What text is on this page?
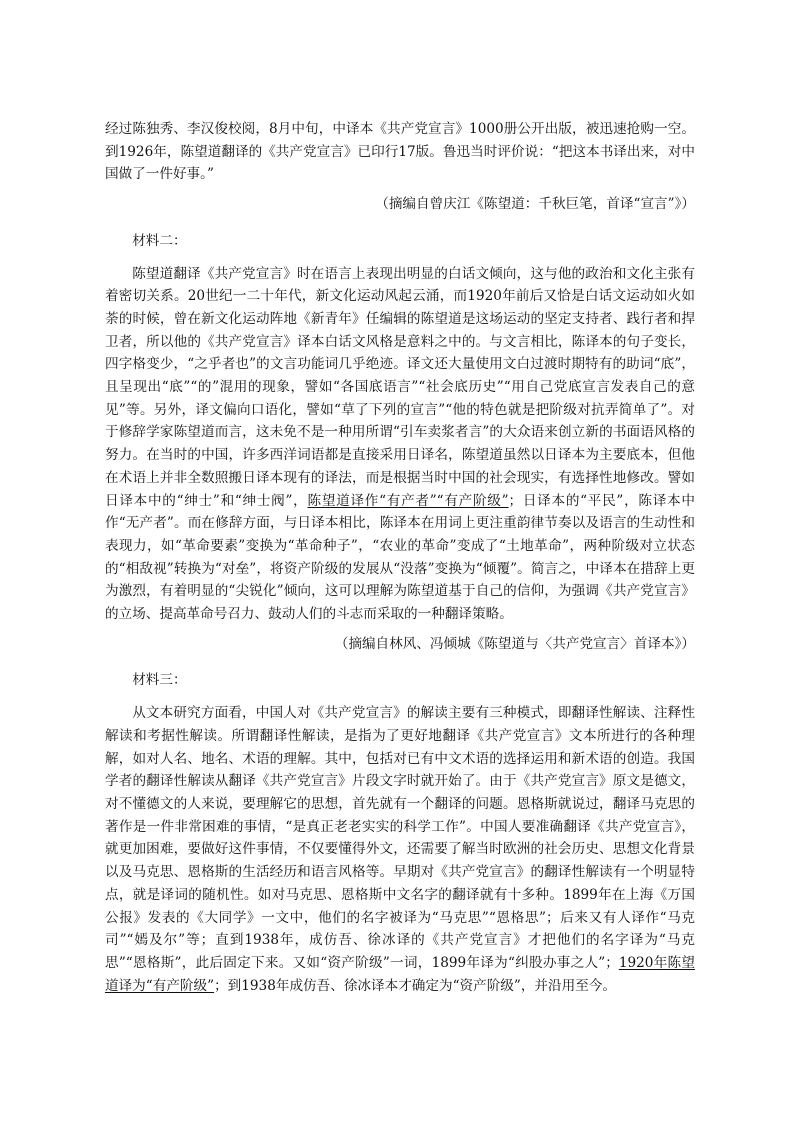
经过陈独秀、李汉俊校阅，8月中旬，中译本《共产党宣言》1000册公开出版，被迅速抢购一空。到1926年，陈望道翻译的《共产党宣言》已印行17版。鲁迅当时评价说：“把这本书译出来，对中国做了一件好事。”

（摘编自曾庆江《陈望道：千秋巨笔，首译“宣言”》）

材料二：

陈望道翻译《共产党宣言》时在语言上表现出明显的白话文倾向，这与他的政治和文化主张有着密切关系。20世纪一二十年代，新文化运动风起云涌，而1920年前后又恰是白话文运动如火如荼的时候，曾在新文化运动阵地《新青年》任编辑的陈望道是这场运动的坚定支持者、践行者和捍卫者，所以他的《共产党宣言》译本白话文风格是意料之中的。与文言相比，陈译本的句子变长，四字格变少，“之乎者也”的文言功能词几乎绝迹。译文还大量使用文白过渡时期特有的助词“底”，且呈现出“底”“的”混用的现象，譬如“各国底语言”“社会底历史”“用自己党底宣言发表自己的意见”等。另外，译文偏向口语化，譬如“草了下列的宣言”“他的特色就是把阶级对抗弄简单了”。对于修辞学家陈望道而言，这未免不是一种用所谓“引车卖浆者言”的大众语来创立新的书面语风格的努力。在当时的中国，许多西洋词语都是直接采用日译名，陈望道虽然以日译本为主要底本，但他在术语上并非全数照搬日译本现有的译法，而是根据当时中国的社会现实，有选择性地修改。譬如日译本中的“绅士”和“绅士阀”，陈望道译作“有产者”“有产阶级”；日译本的“平民”，陈译本中作“无产者”。而在修辞方面，与日译本相比，陈译本在用词上更注重韵律节奏以及语言的生动性和表现力，如“革命要素”变换为“革命种子”，“农业的革命”变成了“土地革命”，两种阶级对立状态的“相敌视”转换为“对垒”，将资产阶级的发展从“没落”变换为“倾覆”。简言之，中译本在措辞上更为激烈，有着明显的“尖锐化”倾向，这可以理解为陈望道基于自己的信仰，为强调《共产党宣言》的立场、提高革命号召力、鼓动人们的斗志而采取的一种翻译策略。

（摘编自林风、冯倾城《陈望道与〈共产党宣言〉首译本》）

材料三：

从文本研究方面看，中国人对《共产党宣言》的解读主要有三种模式，即翻译性解读、注释性解读和考据性解读。所谓翻译性解读，是指为了更好地翻译《共产党宣言》文本所进行的各种理解，如对人名、地名、术语的理解。其中，包括对已有中文术语的选择运用和新术语的创造。我国学者的翻译性解读从翻译《共产党宣言》片段文字时就开始了。由于《共产党宣言》原文是德文，对不懂德文的人来说，要理解它的思想，首先就有一个翻译的问题。恩格斯就说过，翻译马克思的著作是一件非常困难的事情，“是真正老老实实的科学工作”。中国人要准确翻译《共产党宣言》，就更加困难，要做好这件事情，不仅要懂得外文，还需要了解当时欧洲的社会历史、思想文化背景以及马克思、恩格斯的生活经历和语言风格等。早期对《共产党宣言》的翻译性解读有一个明显特点，就是译词的随机性。如对马克思、恩格斯中文名字的翻译就有十多种。1899年在上海《万国公报》发表的《大同学》一文中，他们的名字被译为“马克思”“恩格思”；后来又有人译作“马克司”“嫣及尔”等；直到1938年，成仿吾、徐冰译的《共产党宣言》才把他们的名字译为“马克思”“恩格斯”，此后固定下来。又如“资产阶级”一词，1899年译为“纠股办事之人”；1920年陈望道译为“有产阶级”；到1938年成仿吾、徐冰译本才确定为“资产阶级”，并沿用至今。
